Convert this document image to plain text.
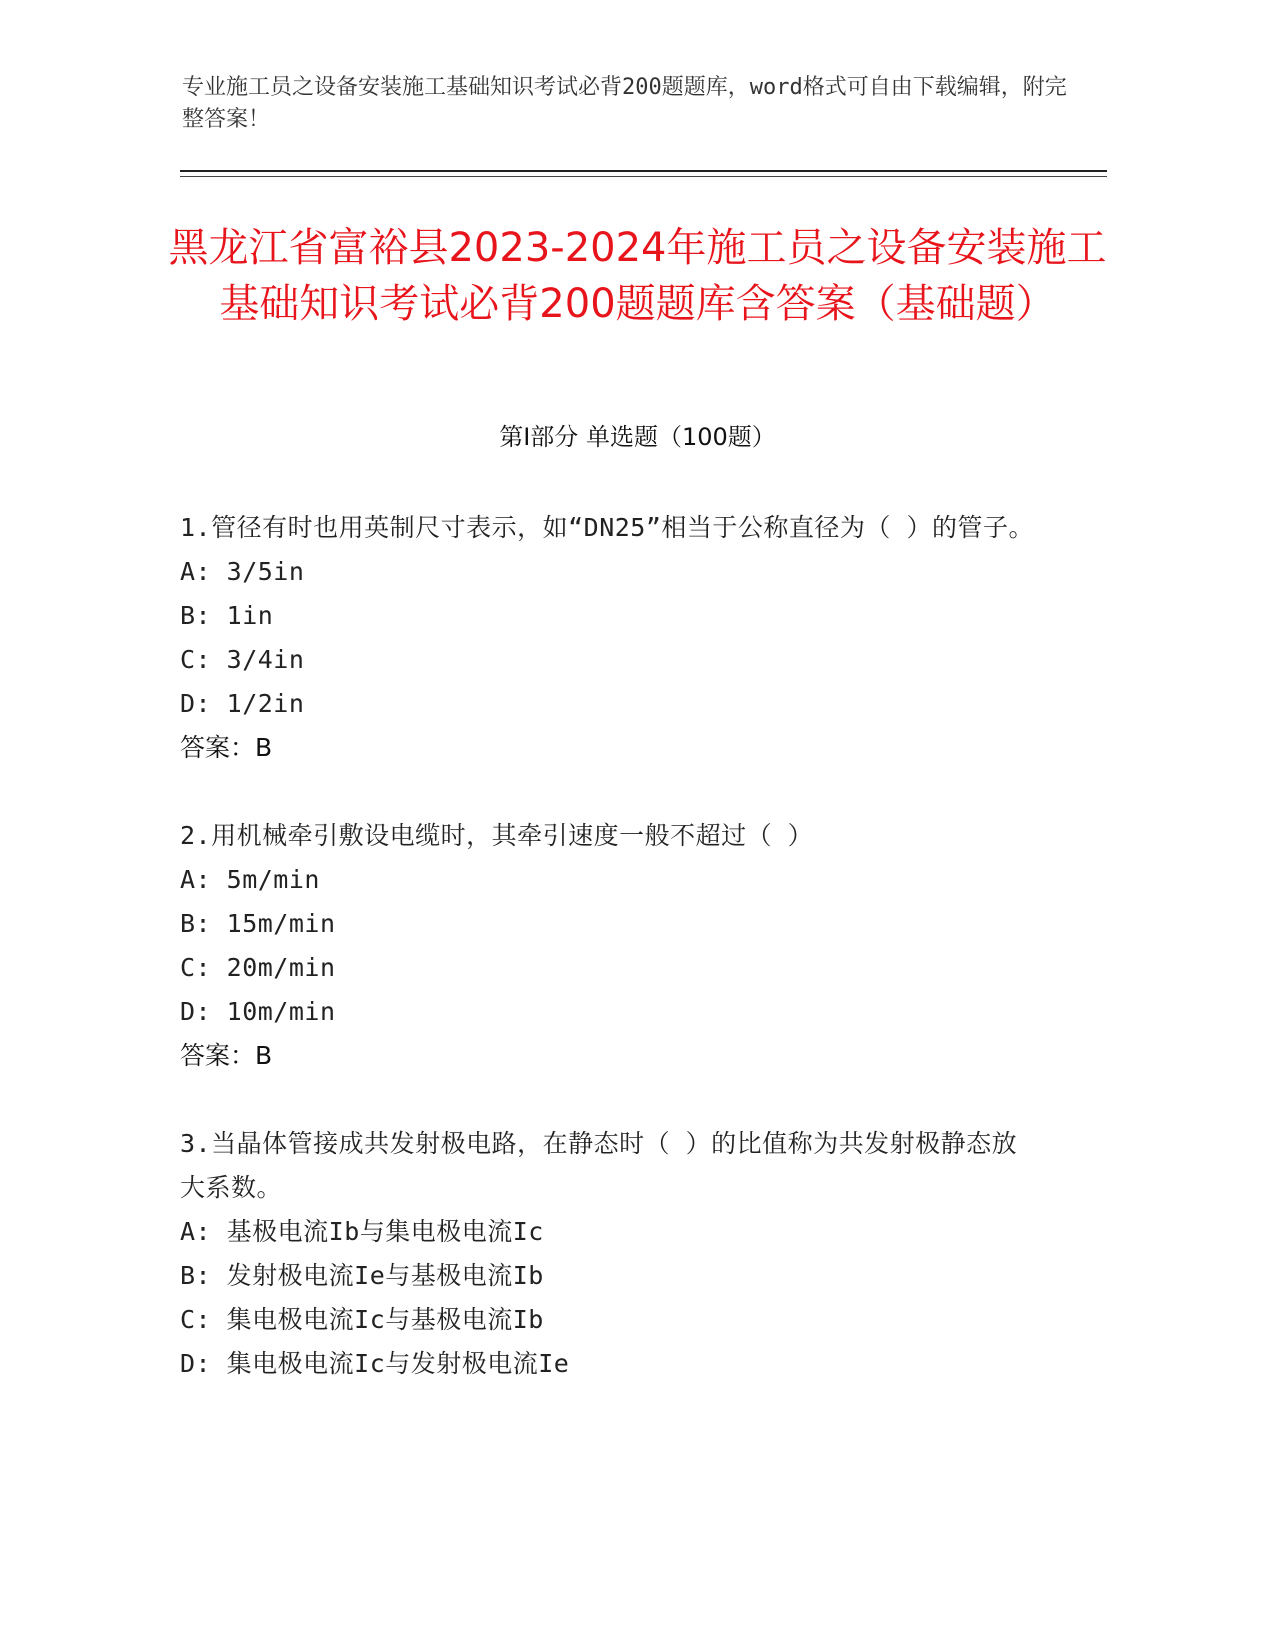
专业施工员之设备安装施工基础知识考试必背200题题库，word格式可自由下载编辑，附完整答案！
黑龙江省富裕县2023-2024年施工员之设备安装施工基础知识考试必背200题题库含答案（基础题）
第Ⅰ部分 单选题（100题）
1.管径有时也用英制尺寸表示，如“DN25”相当于公称直径为（ ）的管子。
A: 3/5in
B: 1in
C: 3/4in
D: 1/2in
答案：B
2.用机械牵引敷设电缆时，其牵引速度一般不超过（ ）
A: 5m/min
B: 15m/min
C: 20m/min
D: 10m/min
答案：B
3.当晶体管接成共发射极电路，在静态时（ ）的比值称为共发射极静态放大系数。
A: 基极电流Ib与集电极电流Ic
B: 发射极电流Ie与基极电流Ib
C: 集电极电流Ic与基极电流Ib
D: 集电极电流Ic与发射极电流Ie
